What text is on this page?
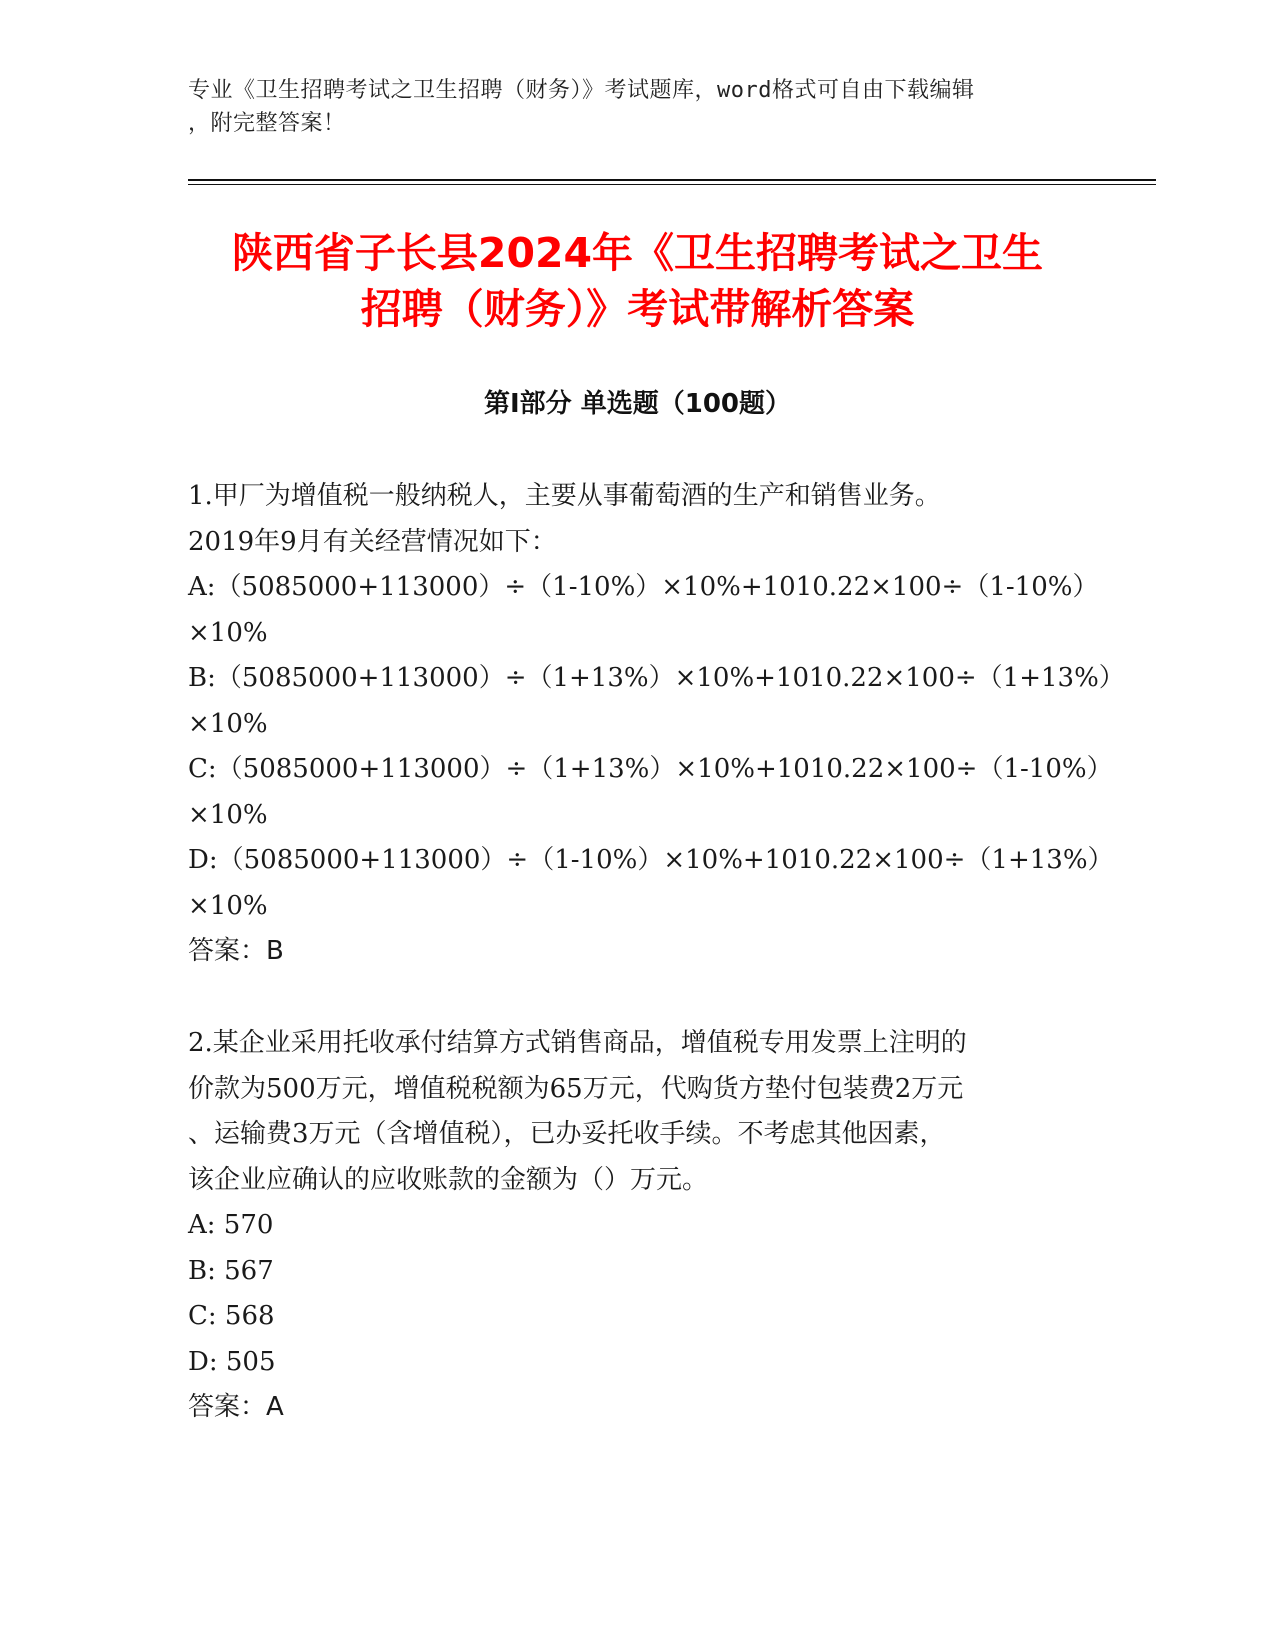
专业《卫生招聘考试之卫生招聘（财务）》考试题库，word格式可自由下载编辑
，附完整答案！
陕西省子长县2024年《卫生招聘考试之卫生
招聘（财务）》考试带解析答案
第Ⅰ部分 单选题（100题）
1.甲厂为增值税一般纳税人，主要从事葡萄酒的生产和销售业务。
2019年9月有关经营情况如下：
A:（5085000+113000）÷（1-10%）×10%+1010.22×100÷（1-10%）
×10%
B:（5085000+113000）÷（1+13%）×10%+1010.22×100÷（1+13%）
×10%
C:（5085000+113000）÷（1+13%）×10%+1010.22×100÷（1-10%）
×10%
D:（5085000+113000）÷（1-10%）×10%+1010.22×100÷（1+13%）
×10%
答案：B
2.某企业采用托收承付结算方式销售商品，增值税专用发票上注明的
价款为500万元，增值税税额为65万元，代购货方垫付包装费2万元
、运输费3万元（含增值税），已办妥托收手续。不考虑其他因素，
该企业应确认的应收账款的金额为（）万元。
A: 570
B: 567
C: 568
D: 505
答案：A
